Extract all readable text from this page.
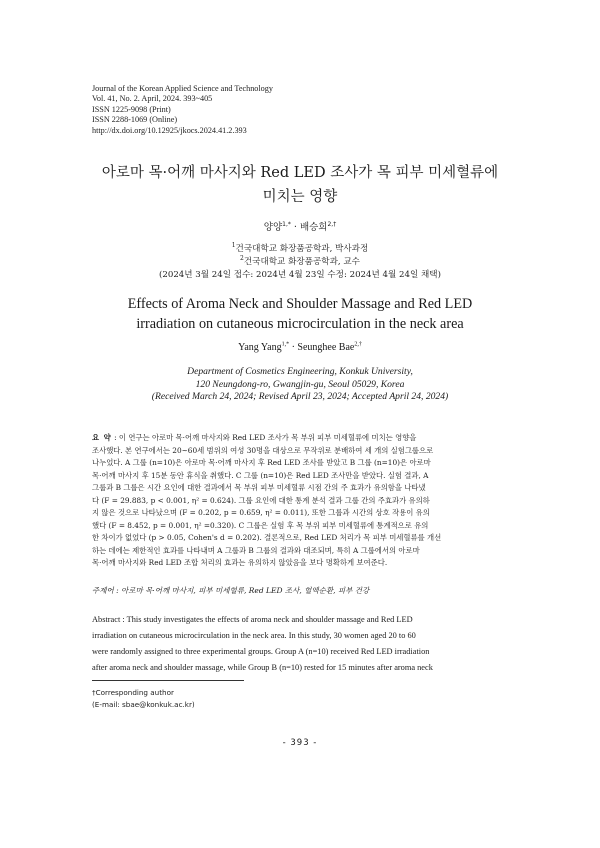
Journal of the Korean Applied Science and Technology
Vol. 41, No. 2. April, 2024. 393~405
ISSN 1225-9098 (Print)
ISSN 2288-1069 (Online)
http://dx.doi.org/10.12925/jkocs.2024.41.2.393
아로마 목·어깨 마사지와 Red LED 조사가 목 피부 미세혈류에
미치는 영향
양양$^{1,*}$ · 배승희$^{2,\dagger}$
$^1$건국대학교 화장품공학과, 박사과정
$^2$건국대학교 화장품공학과, 교수
(2024년 3월 24일 접수: 2024년 4월 23일 수정: 2024년 4월 24일 채택)
Effects of Aroma Neck and Shoulder Massage and Red LED
irradiation on cutaneous microcirculation in the neck area
Yang Yang$^{1,*}$ · Seunghee Bae$^{2,\dagger}$
Department of Cosmetics Engineering, Konkuk University,
120 Neungdong-ro, Gwangjin-gu, Seoul 05029, Korea
(Received March 24, 2024; Revised April 23, 2024; Accepted April 24, 2024)
요 약 : 이 연구는 아로마 목·어깨 마사지와 Red LED 조사가 목 부위 피부 미세혈류에 미치는 영향을
조사했다. 본 연구에서는 20~60세 범위의 여성 30명을 대상으로 무작위로 분배하여 세 개의 실험그룹으로
나누었다. A 그룹 (n=10)은 아로마 목·어깨 마사지 후 Red LED 조사를 받았고 B 그룹 (n=10)은 아로마
목·어깨 마사지 후 15분 동안 휴식을 취했다. C 그룹 (n=10)은 Red LED 조사만을 받았다. 실험 결과, A
그룹과 B 그룹은 시간 요인에 대한 결과에서 목 부위 피부 미세혈류 시점 간의 주 효과가 유의함을 나타냈
다 (F = 29.883, p < 0.001, η² = 0.624). 그룹 요인에 대한 통계 분석 결과 그룹 간의 주효과가 유의하
지 않은 것으로 나타났으며 (F = 0.202, p = 0.659, η² = 0.011), 또한 그룹과 시간의 상호 작용이 유의
했다 (F = 8.452, p = 0.001, η² =0.320). C 그룹은 실험 후 목 부위 피부 미세혈류에 통계적으로 유의
한 차이가 없었다 (p > 0.05, Cohen's d = 0.202). 결론적으로, Red LED 처리가 목 피부 미세혈류를 개선
하는 데에는 제한적인 효과를 나타내며 A 그룹과 B 그룹의 결과와 대조되며, 특히 A 그룹에서의 아로마
목·어깨 마사지와 Red LED 조합 처리의 효과는 유의하지 않았음을 보다 명확하게 보여준다.
주제어 : 아로마 목·어깨 마사지, 피부 미세혈류, Red LED 조사, 혈액순환, 피부 건강
Abstract : This study investigates the effects of aroma neck and shoulder massage and Red LED
irradiation on cutaneous microcirculation in the neck area. In this study, 30 women aged 20 to 60
were randomly assigned to three experimental groups. Group A (n=10) received Red LED irradiation
after aroma neck and shoulder massage, while Group B (n=10) rested for 15 minutes after aroma neck
†Corresponding author
(E-mail: sbae@konkuk.ac.kr)
- 393 -
